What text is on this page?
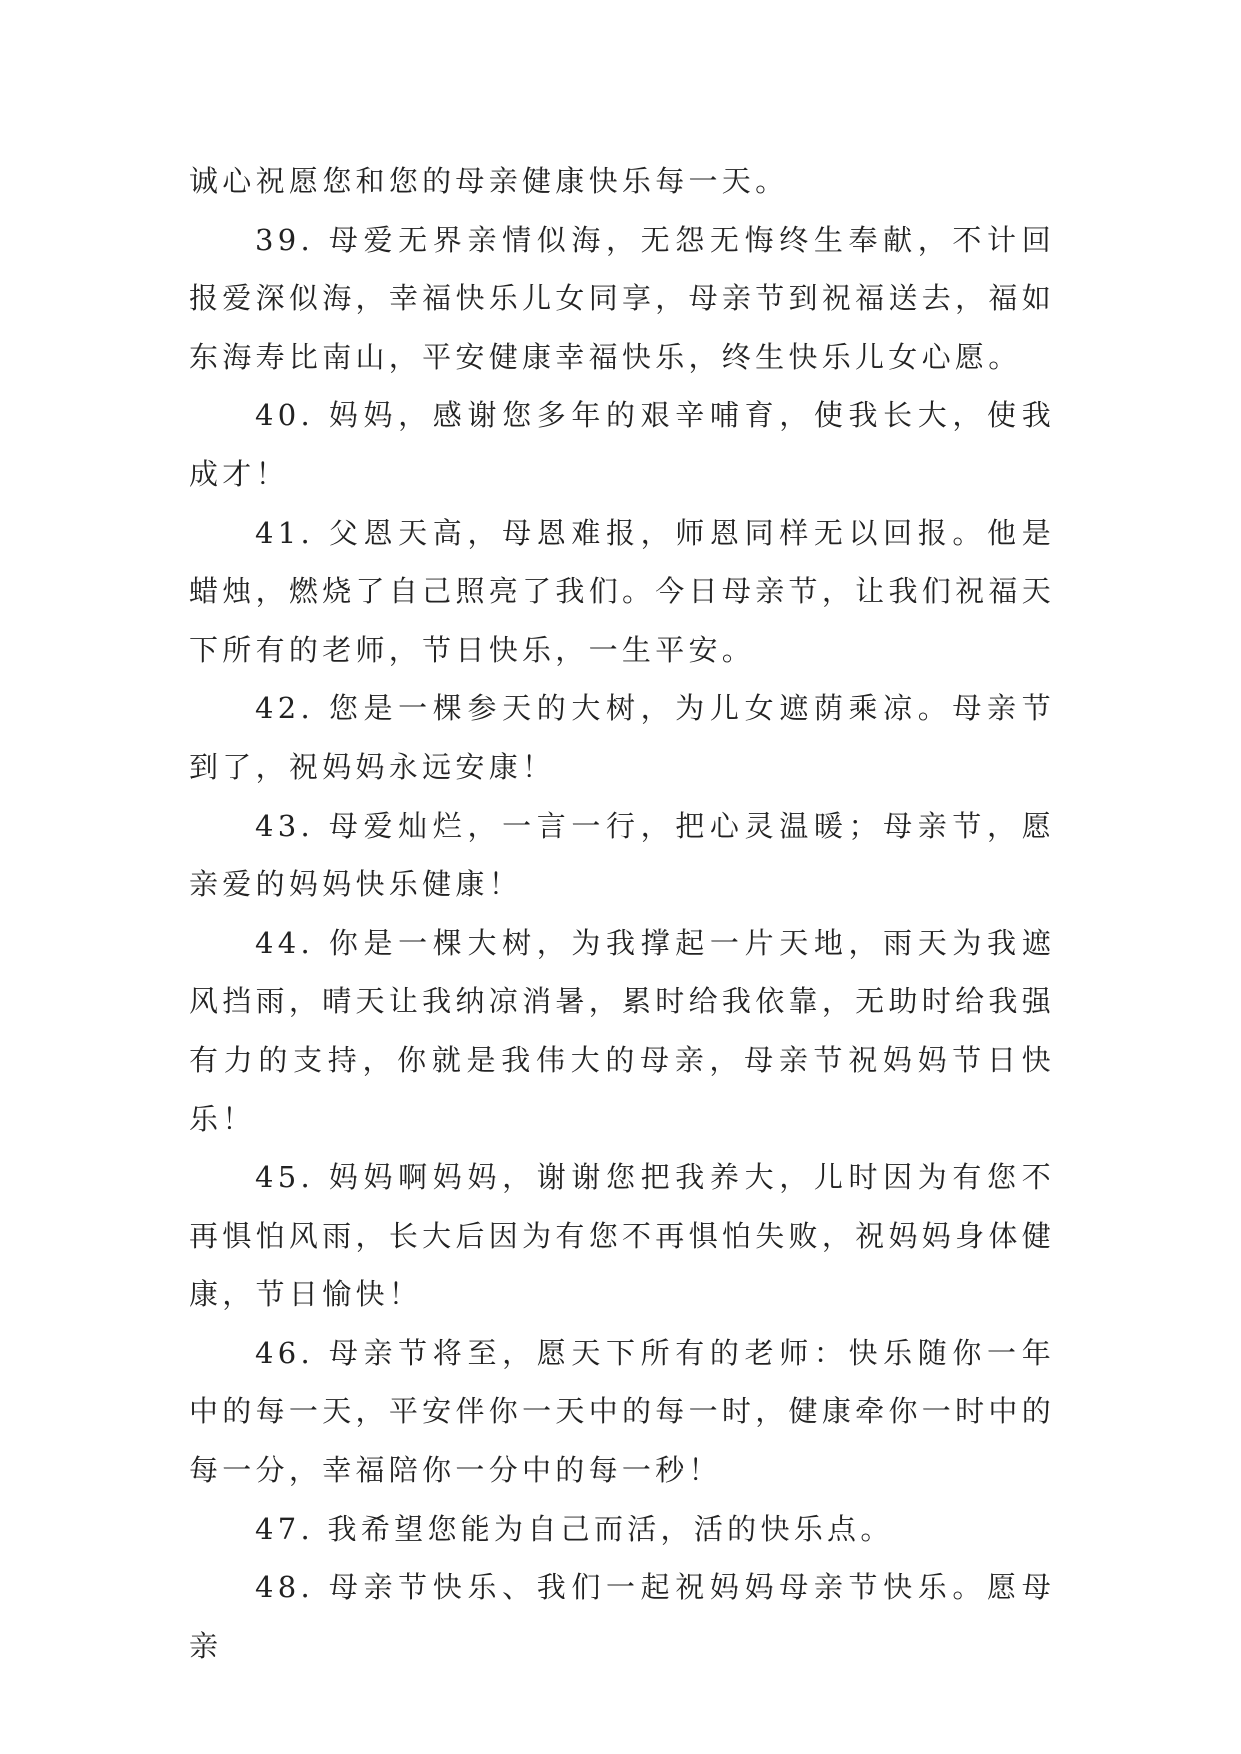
诚心祝愿您和您的母亲健康快乐每一天。

39. 母爱无界亲情似海，无怨无悔终生奉献，不计回报爱深似海，幸福快乐儿女同享，母亲节到祝福送去，福如东海寿比南山，平安健康幸福快乐，终生快乐儿女心愿。

40. 妈妈，感谢您多年的艰辛哺育，使我长大，使我成才！

41. 父恩天高，母恩难报，师恩同样无以回报。他是蜡烛，燃烧了自己照亮了我们。今日母亲节，让我们祝福天下所有的老师，节日快乐，一生平安。

42. 您是一棵参天的大树，为儿女遮荫乘凉。母亲节到了，祝妈妈永远安康！

43. 母爱灿烂，一言一行，把心灵温暖；母亲节，愿亲爱的妈妈快乐健康！

44. 你是一棵大树，为我撑起一片天地，雨天为我遮风挡雨，晴天让我纳凉消暑，累时给我依靠，无助时给我强有力的支持，你就是我伟大的母亲，母亲节祝妈妈节日快乐！

45. 妈妈啊妈妈，谢谢您把我养大，儿时因为有您不再惧怕风雨，长大后因为有您不再惧怕失败，祝妈妈身体健康，节日愉快！

46. 母亲节将至，愿天下所有的老师：快乐随你一年中的每一天，平安伴你一天中的每一时，健康牵你一时中的每一分，幸福陪你一分中的每一秒！

47. 我希望您能为自己而活，活的快乐点。

48. 母亲节快乐、我们一起祝妈妈母亲节快乐。愿母亲
